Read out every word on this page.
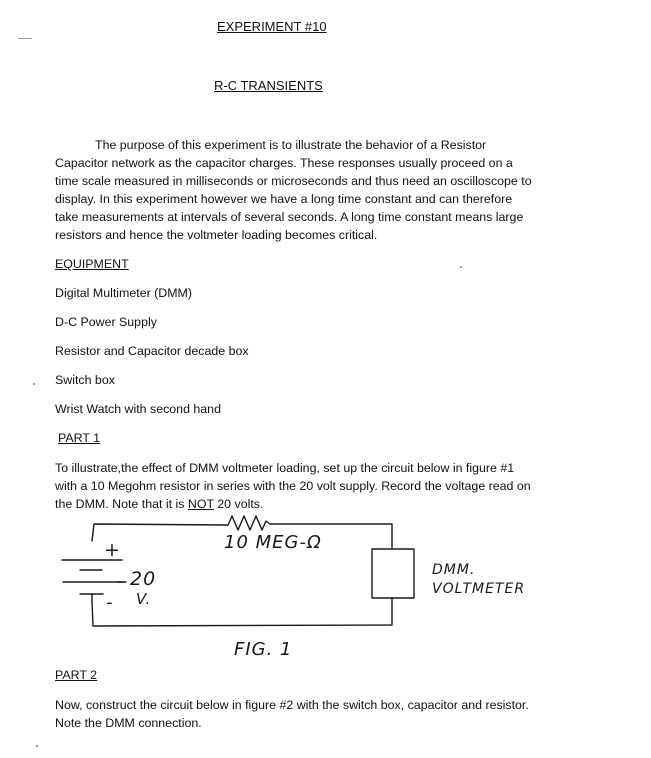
EXPERIMENT #10
R-C TRANSIENTS
The purpose of this experiment is to illustrate the behavior of a Resistor
Capacitor network as the capacitor charges. These responses usually proceed on a
time scale measured in milliseconds or microseconds and thus need an oscilloscope to
display. In this experiment however we have a long time constant and can therefore
take measurements at intervals of several seconds. A long time constant means large
resistors and hence the voltmeter loading becomes critical.
EQUIPMENT
Digital Multimeter (DMM)
D-C Power Supply
Resistor and Capacitor decade box
Switch box
Wrist Watch with second hand
PART 1
To illustrate,the effect of DMM voltmeter loading, set up the circuit below in figure #1
with a 10 Megohm resistor in series with the 20 volt supply. Record the voltage read on
the DMM. Note that it is NOT 20 volts.
10 MEG-Ω
+
-
20
V.
DMM.
VOLTMETER
FIG. 1
PART 2
Now, construct the circuit below in figure #2 with the switch box, capacitor and resistor.
Note the DMM connection.
